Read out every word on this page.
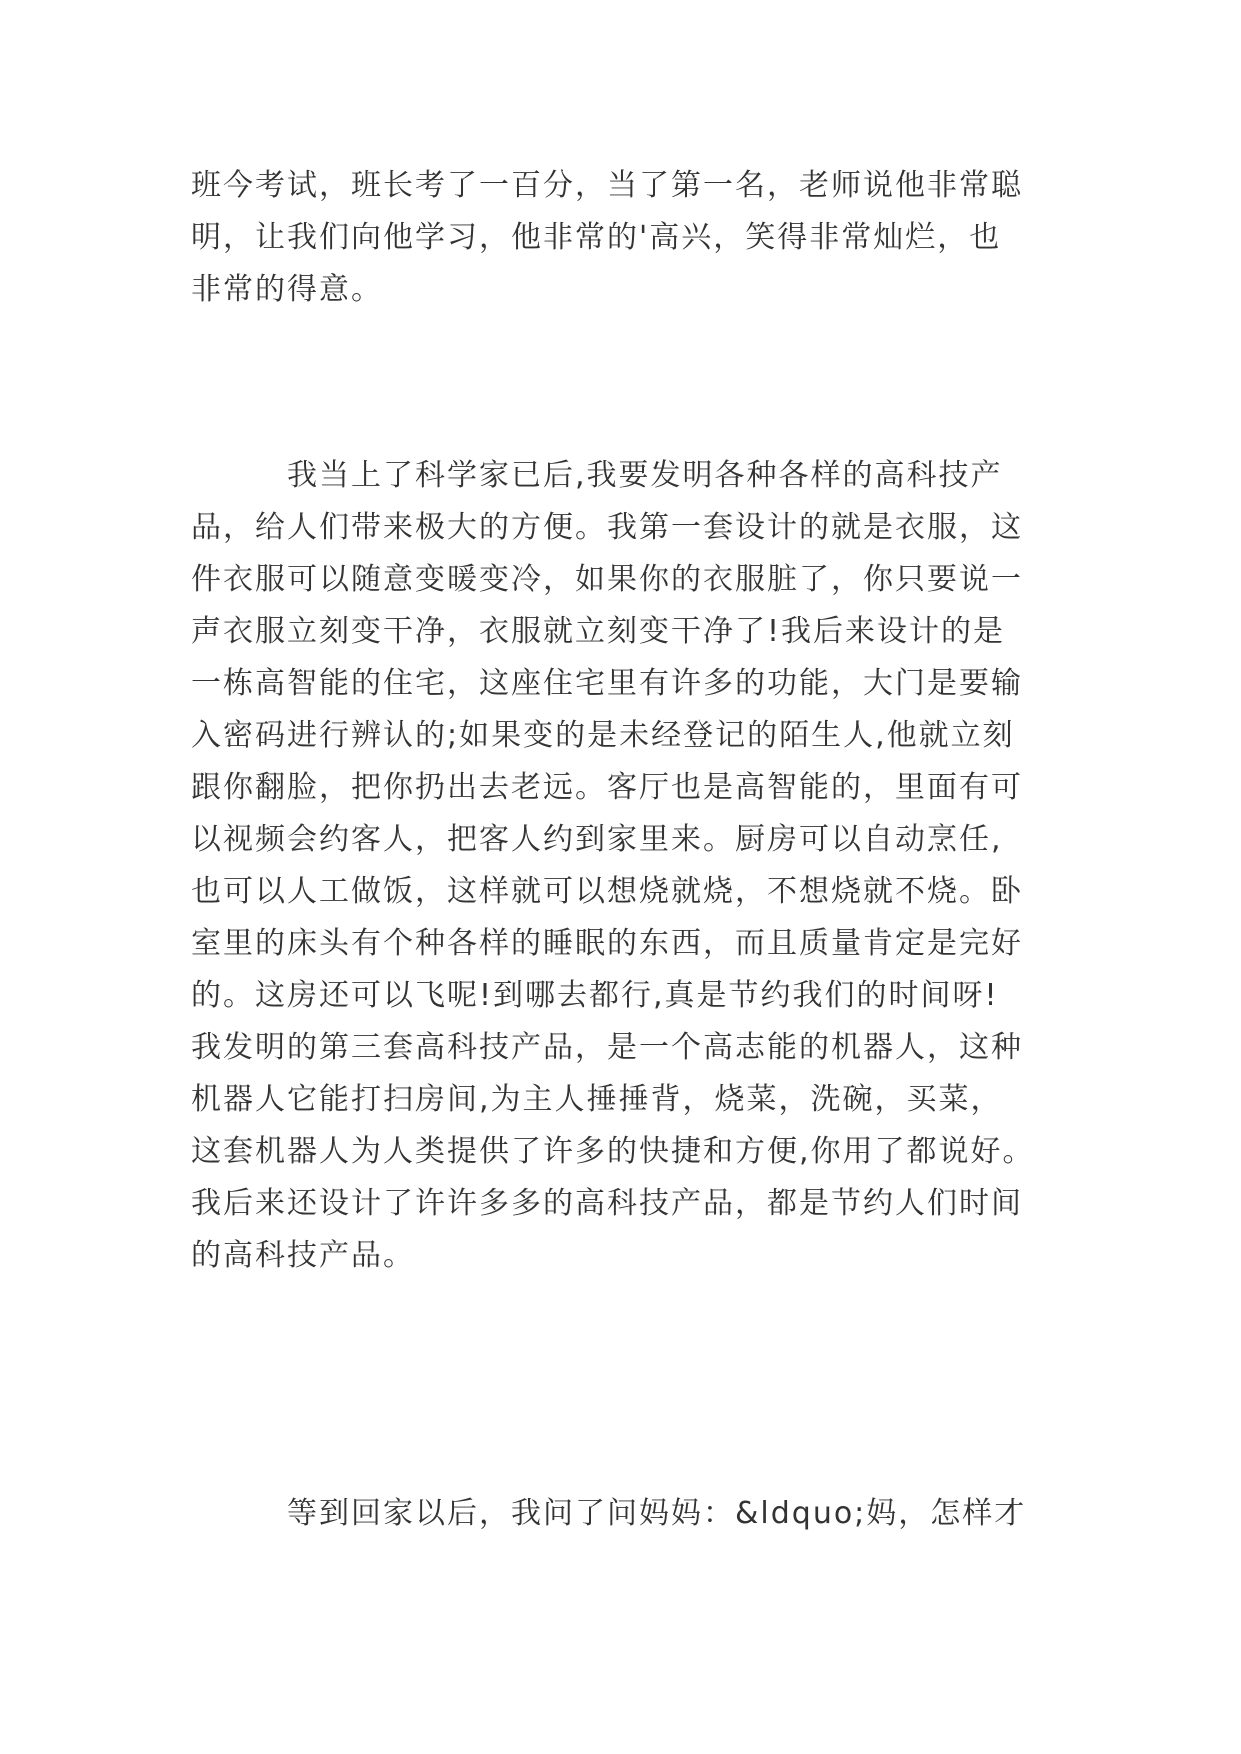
班今考试，班长考了一百分，当了第一名，老师说他非常聪
明，让我们向他学习，他非常的'高兴，笑得非常灿烂，也
非常的得意。
　　　我当上了科学家已后,我要发明各种各样的高科技产
品，给人们带来极大的方便。我第一套设计的就是衣服，这
件衣服可以随意变暖变冷，如果你的衣服脏了，你只要说一
声衣服立刻变干净，衣服就立刻变干净了!我后来设计的是
一栋高智能的住宅，这座住宅里有许多的功能，大门是要输
入密码进行辨认的;如果变的是未经登记的陌生人,他就立刻
跟你翻脸，把你扔出去老远。客厅也是高智能的，里面有可
以视频会约客人，把客人约到家里来。厨房可以自动烹任,
也可以人工做饭，这样就可以想烧就烧，不想烧就不烧。卧
室里的床头有个种各样的睡眠的东西，而且质量肯定是完好
的。这房还可以飞呢!到哪去都行,真是节约我们的时间呀!
我发明的第三套高科技产品，是一个高志能的机器人，这种
机器人它能打扫房间,为主人捶捶背，烧菜，洗碗，买菜，
这套机器人为人类提供了许多的快捷和方便,你用了都说好。
我后来还设计了许许多多的高科技产品，都是节约人们时间
的高科技产品。
　　　等到回家以后，我问了问妈妈：&ldquo;妈，怎样才
